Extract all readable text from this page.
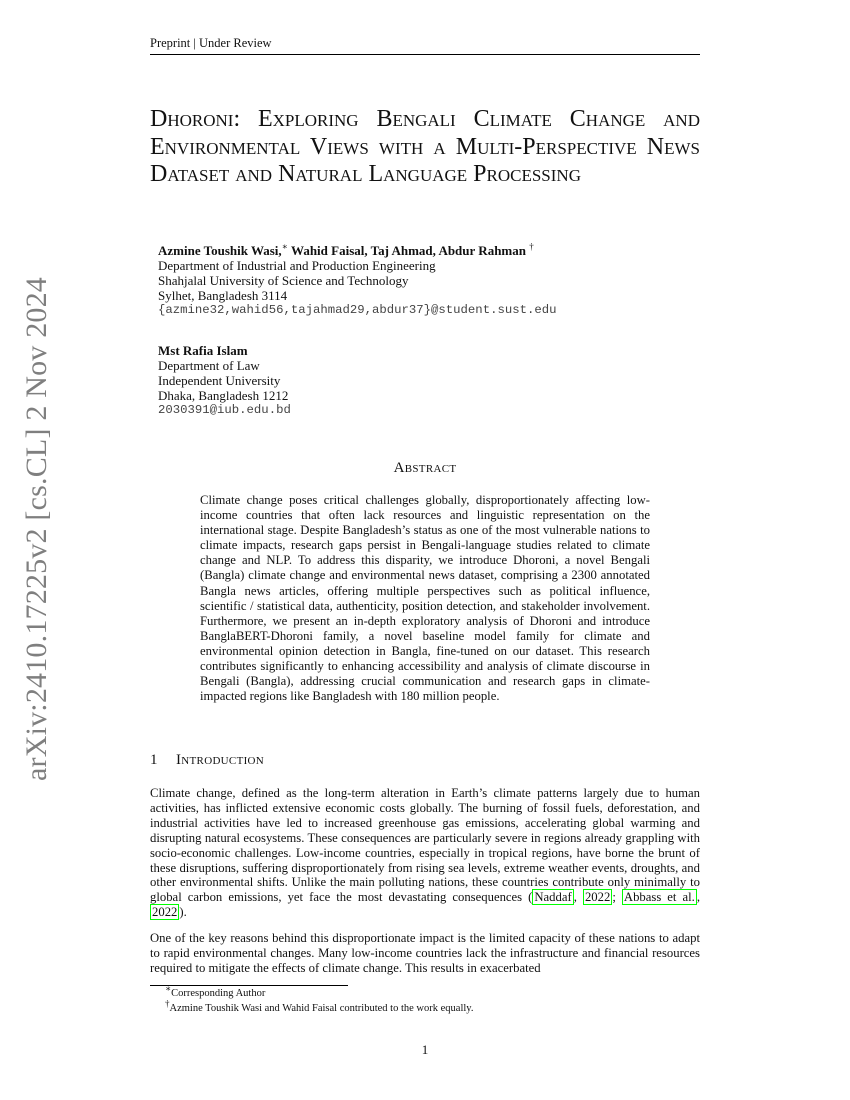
Preprint | Under Review
arXiv:2410.17225v2 [cs.CL] 2 Nov 2024
Dhoroni: Exploring Bengali Climate Change and Environmental Views with a Multi-Perspective News Dataset and Natural Language Processing
Azmine Toushik Wasi,∗ Wahid Faisal, Taj Ahmad, Abdur Rahman †
Department of Industrial and Production Engineering
Shahjalal University of Science and Technology
Sylhet, Bangladesh 3114
{azmine32,wahid56,tajahmad29,abdur37}@student.sust.edu
Mst Rafia Islam
Department of Law
Independent University
Dhaka, Bangladesh 1212
2030391@iub.edu.bd
Abstract
Climate change poses critical challenges globally, disproportionately affecting low-income countries that often lack resources and linguistic representation on the international stage. Despite Bangladesh’s status as one of the most vulnerable nations to climate impacts, research gaps persist in Bengali-language studies related to climate change and NLP. To address this disparity, we introduce Dhoroni, a novel Bengali (Bangla) climate change and environmental news dataset, comprising a 2300 annotated Bangla news articles, offering multiple perspectives such as political influence, scientific / statistical data, authenticity, position detection, and stakeholder involvement. Furthermore, we present an in-depth exploratory analysis of Dhoroni and introduce BanglaBERT-Dhoroni family, a novel baseline model family for climate and environmental opinion detection in Bangla, fine-tuned on our dataset. This research contributes significantly to enhancing accessibility and analysis of climate discourse in Bengali (Bangla), addressing crucial communication and research gaps in climate-impacted regions like Bangladesh with 180 million people.
1 Introduction
Climate change, defined as the long-term alteration in Earth’s climate patterns largely due to human activities, has inflicted extensive economic costs globally. The burning of fossil fuels, deforestation, and industrial activities have led to increased greenhouse gas emissions, accelerating global warming and disrupting natural ecosystems. These consequences are particularly severe in regions already grappling with socio-economic challenges. Low-income countries, especially in tropical regions, have borne the brunt of these disruptions, suffering disproportionately from rising sea levels, extreme weather events, droughts, and other environmental shifts. Unlike the main polluting nations, these countries contribute only minimally to global carbon emissions, yet face the most devastating consequences ( Naddaf , 2022 ; Abbass et al. , 2022 ).
One of the key reasons behind this disproportionate impact is the limited capacity of these nations to adapt to rapid environmental changes. Many low-income countries lack the infrastructure and financial resources required to mitigate the effects of climate change. This results in exacerbated
∗Corresponding Author
†Azmine Toushik Wasi and Wahid Faisal contributed to the work equally.
1
